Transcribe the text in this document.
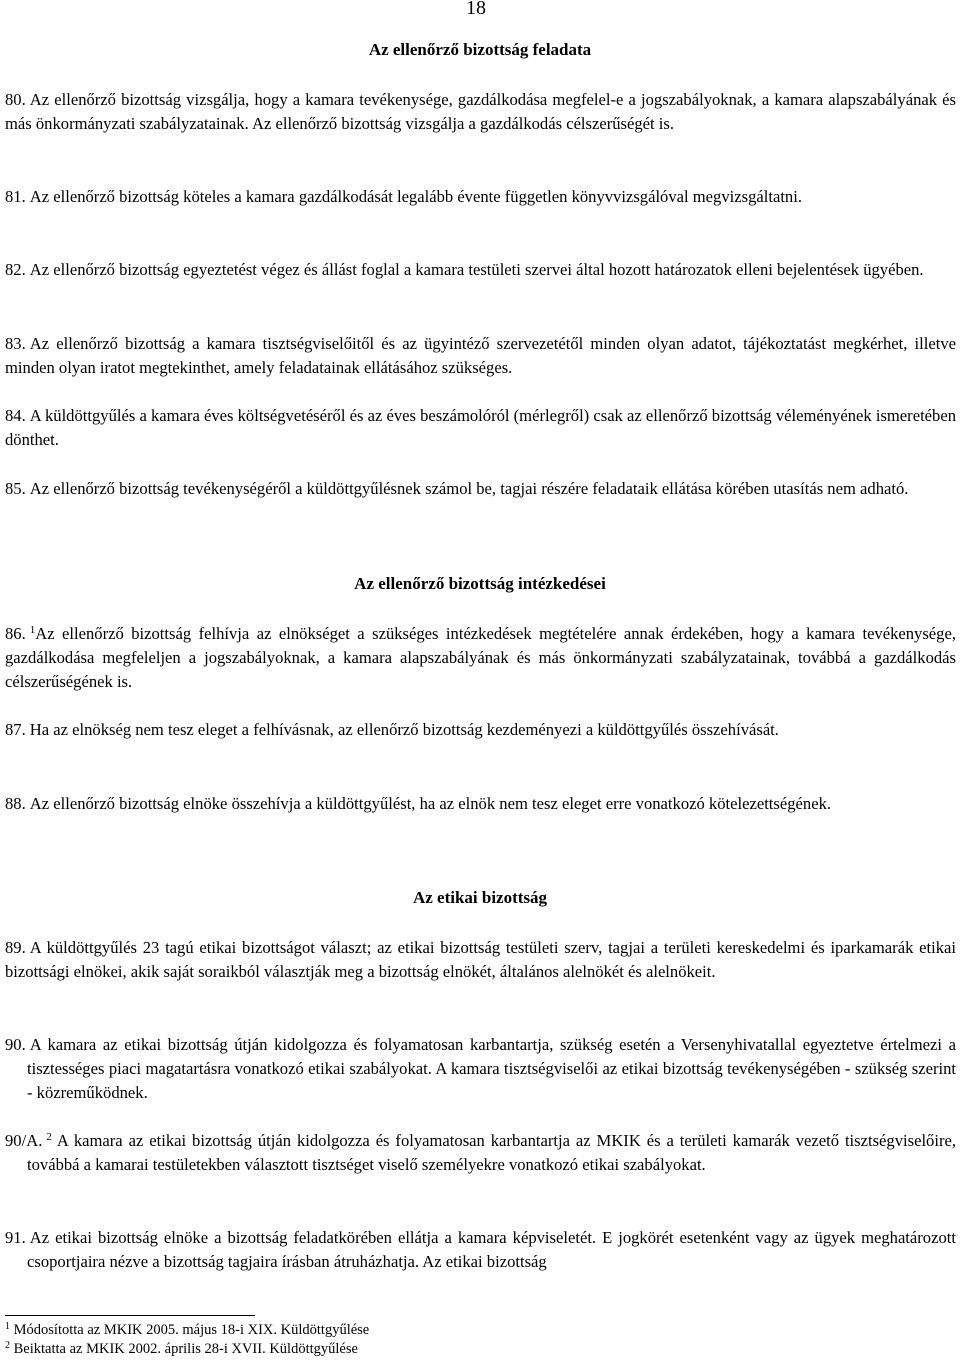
18
Az ellenőrző bizottság feladata
80. Az ellenőrző bizottság vizsgálja, hogy a kamara tevékenysége, gazdálkodása megfelel-e a jogszabályoknak, a kamara alapszabályának és más önkormányzati szabályzatainak. Az ellenőrző bizottság vizsgálja a gazdálkodás célszerűségét is.
81. Az ellenőrző bizottság köteles a kamara gazdálkodását legalább évente független könyvvizsgálóval megvizsgáltatni.
82. Az ellenőrző bizottság egyeztetést végez és állást foglal a kamara testületi szervei által hozott határozatok elleni bejelentések ügyében.
83. Az ellenőrző bizottság a kamara tisztségviselőitől és az ügyintéző szervezetétől minden olyan adatot, tájékoztatást megkérhet, illetve minden olyan iratot megtekinthet, amely feladatainak ellátásához szükséges.
84. A küldöttgyűlés a kamara éves költségvetéséről és az éves beszámolóról (mérlegről) csak az ellenőrző bizottság véleményének ismeretében dönthet.
85. Az ellenőrző bizottság tevékenységéről a küldöttgyűlésnek számol be, tagjai részére feladataik ellátása körében utasítás nem adható.
Az ellenőrző bizottság intézkedései
86. $^1$Az ellenőrző bizottság felhívja az elnökséget a szükséges intézkedések megtételére annak érdekében, hogy a kamara tevékenysége, gazdálkodása megfeleljen a jogszabályoknak, a kamara alapszabályának és más önkormányzati szabályzatainak, továbbá a gazdálkodás célszerűségének is.
87. Ha az elnökség nem tesz eleget a felhívásnak, az ellenőrző bizottság kezdeményezi a küldöttgyűlés összehívását.
88. Az ellenőrző bizottság elnöke összehívja a küldöttgyűlést, ha az elnök nem tesz eleget erre vonatkozó kötelezettségének.
Az etikai bizottság
89. A küldöttgyűlés 23 tagú etikai bizottságot választ; az etikai bizottság testületi szerv, tagjai a területi kereskedelmi és iparkamarák etikai bizottsági elnökei, akik saját soraikból választják meg a bizottság elnökét, általános alelnökét és alelnökeit.
90. A kamara az etikai bizottság útján kidolgozza és folyamatosan karbantartja, szükség esetén a Versenyhivatallal egyeztetve értelmezi a tisztességes piaci magatartásra vonatkozó etikai szabályokat. A kamara tisztségviselői az etikai bizottság tevékenységében - szükség szerint - közreműködnek.
90/A. $^2$ A kamara az etikai bizottság útján kidolgozza és folyamatosan karbantartja az MKIK és a területi kamarák vezető tisztségviselőire, továbbá a kamarai testületekben választott tisztséget viselő személyekre vonatkozó etikai szabályokat.
91. Az etikai bizottság elnöke a bizottság feladatkörében ellátja a kamara képviseletét. E jogkörét esetenként vagy az ügyek meghatározott csoportjaira nézve a bizottság tagjaira írásban átruházhatja. Az etikai bizottság
$^1$ Módosította az MKIK 2005. május 18-i XIX. Küldöttgyűlése
$^2$ Beiktatta az MKIK 2002. április 28-i XVII. Küldöttgyűlése
